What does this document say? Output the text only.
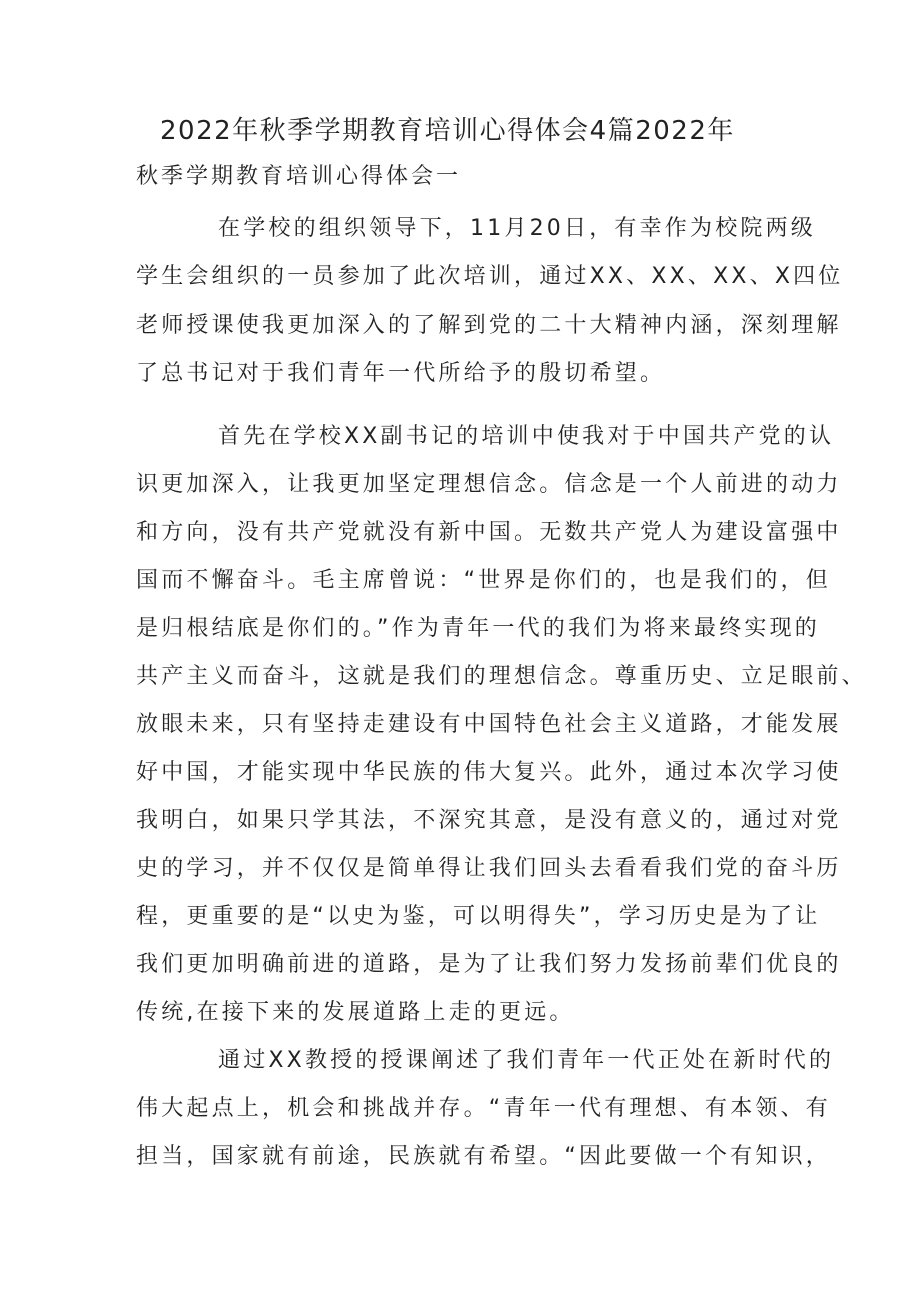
2022年秋季学期教育培训心得体会4篇2022年
秋季学期教育培训心得体会一
在学校的组织领导下，11月20日，有幸作为校院两级
学生会组织的一员参加了此次培训，通过XX、XX、XX、X四位
老师授课使我更加深入的了解到党的二十大精神内涵，深刻理解
了总书记对于我们青年一代所给予的殷切希望。
首先在学校XX副书记的培训中使我对于中国共产党的认
识更加深入，让我更加坚定理想信念。信念是一个人前进的动力
和方向，没有共产党就没有新中国。无数共产党人为建设富强中
国而不懈奋斗。毛主席曾说：“世界是你们的，也是我们的，但
是归根结底是你们的。”作为青年一代的我们为将来最终实现的
共产主义而奋斗，这就是我们的理想信念。尊重历史、立足眼前、
放眼未来，只有坚持走建设有中国特色社会主义道路，才能发展
好中国，才能实现中华民族的伟大复兴。此外，通过本次学习使
我明白，如果只学其法，不深究其意，是没有意义的，通过对党
史的学习，并不仅仅是简单得让我们回头去看看我们党的奋斗历
程，更重要的是“以史为鉴，可以明得失”，学习历史是为了让
我们更加明确前进的道路，是为了让我们努力发扬前辈们优良的
传统,在接下来的发展道路上走的更远。
通过XX教授的授课阐述了我们青年一代正处在新时代的
伟大起点上，机会和挑战并存。“青年一代有理想、有本领、有
担当，国家就有前途，民族就有希望。“因此要做一个有知识，
